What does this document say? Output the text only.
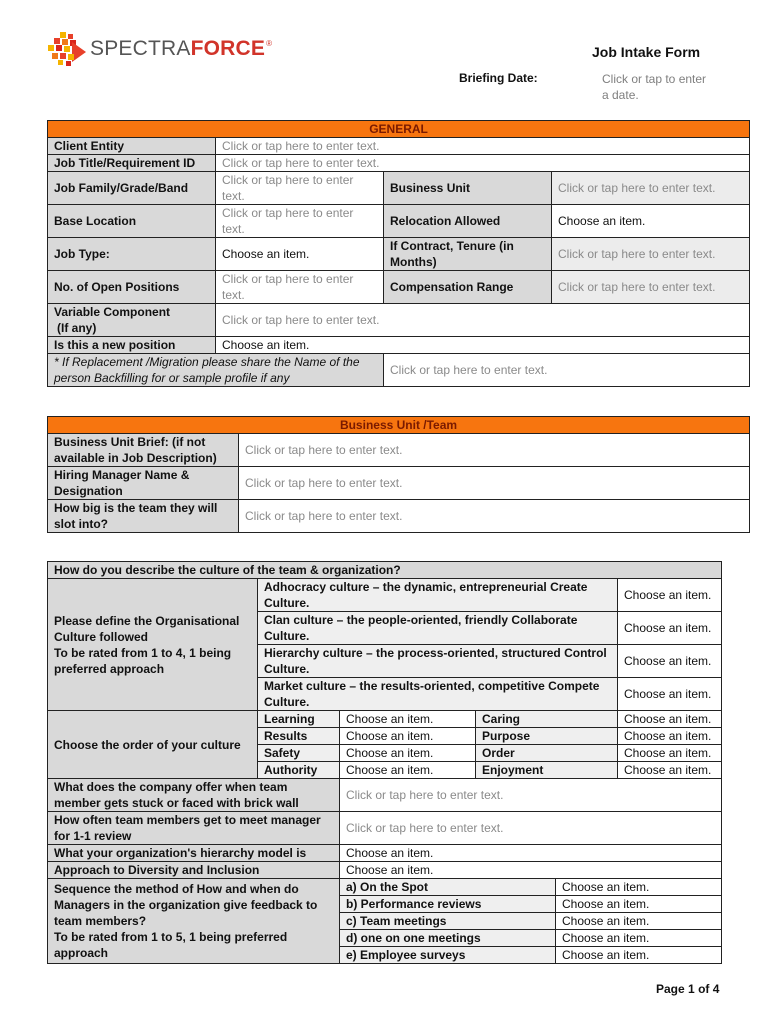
SPECTRAFORCE®
Job Intake Form
Briefing Date:	Click or tap to enter a date.
GENERAL			
Client Entity	Click or tap here to enter text.		
Job Title/Requirement ID	Click or tap here to enter text.		
Job Family/Grade/Band	Click or tap here to enter text.	Business Unit	Click or tap here to enter text.
Base Location	Click or tap here to enter text.	Relocation Allowed	Choose an item.
Job Type:	Choose an item.	If Contract, Tenure (in Months)	Click or tap here to enter text.
No. of Open Positions	Click or tap here to enter text.	Compensation Range	Click or tap here to enter text.

Variable Component
(If any)	Click or tap here to enter text.		
Is this a new position	Choose an item.		
* If Replacement /Migration please share the Name of the person Backfilling for or sample profile if any		Click or tap here to enter text.	
Business Unit /Team	
Business Unit Brief: (if not available in Job Description)	Click or tap here to enter text.
Hiring Manager Name & Designation	Click or tap here to enter text.
How big is the team they will slot into?	Click or tap here to enter text.
How do you describe the culture of the team & organization?					

Please define the Organisational Culture followed
To be rated from 1 to 4, 1 being preferred approach	Adhocracy culture – the dynamic, entrepreneurial Create Culture.				Choose an item.
	Clan culture – the people-oriented, friendly Collaborate Culture.				Choose an item.
	Hierarchy culture – the process-oriented, structured Control Culture.				Choose an item.
	Market culture – the results-oriented, competitive Compete Culture.				Choose an item.
Choose the order of your culture	Learning	Choose an item.	Caring		Choose an item.
	Results	Choose an item.	Purpose		Choose an item.
	Safety	Choose an item.	Order		Choose an item.
	Authority	Choose an item.	Enjoyment		Choose an item.
What does the company offer when team member gets stuck or faced with brick wall		Click or tap here to enter text.			
How often team members get to meet manager for 1-1 review		Click or tap here to enter text.			
What your organization's hierarchy model is		Choose an item.			
Approach to Diversity and Inclusion		Choose an item.			

Sequence the method of How and when do Managers in the organization give feedback to team members?
To be rated from 1 to 5, 1 being preferred approach		a) On the Spot		Choose an item.	
		b) Performance reviews		Choose an item.	
		c) Team meetings		Choose an item.	
		d) one on one meetings		Choose an item.	
		e) Employee surveys		Choose an item.	
Page 1 of 4
